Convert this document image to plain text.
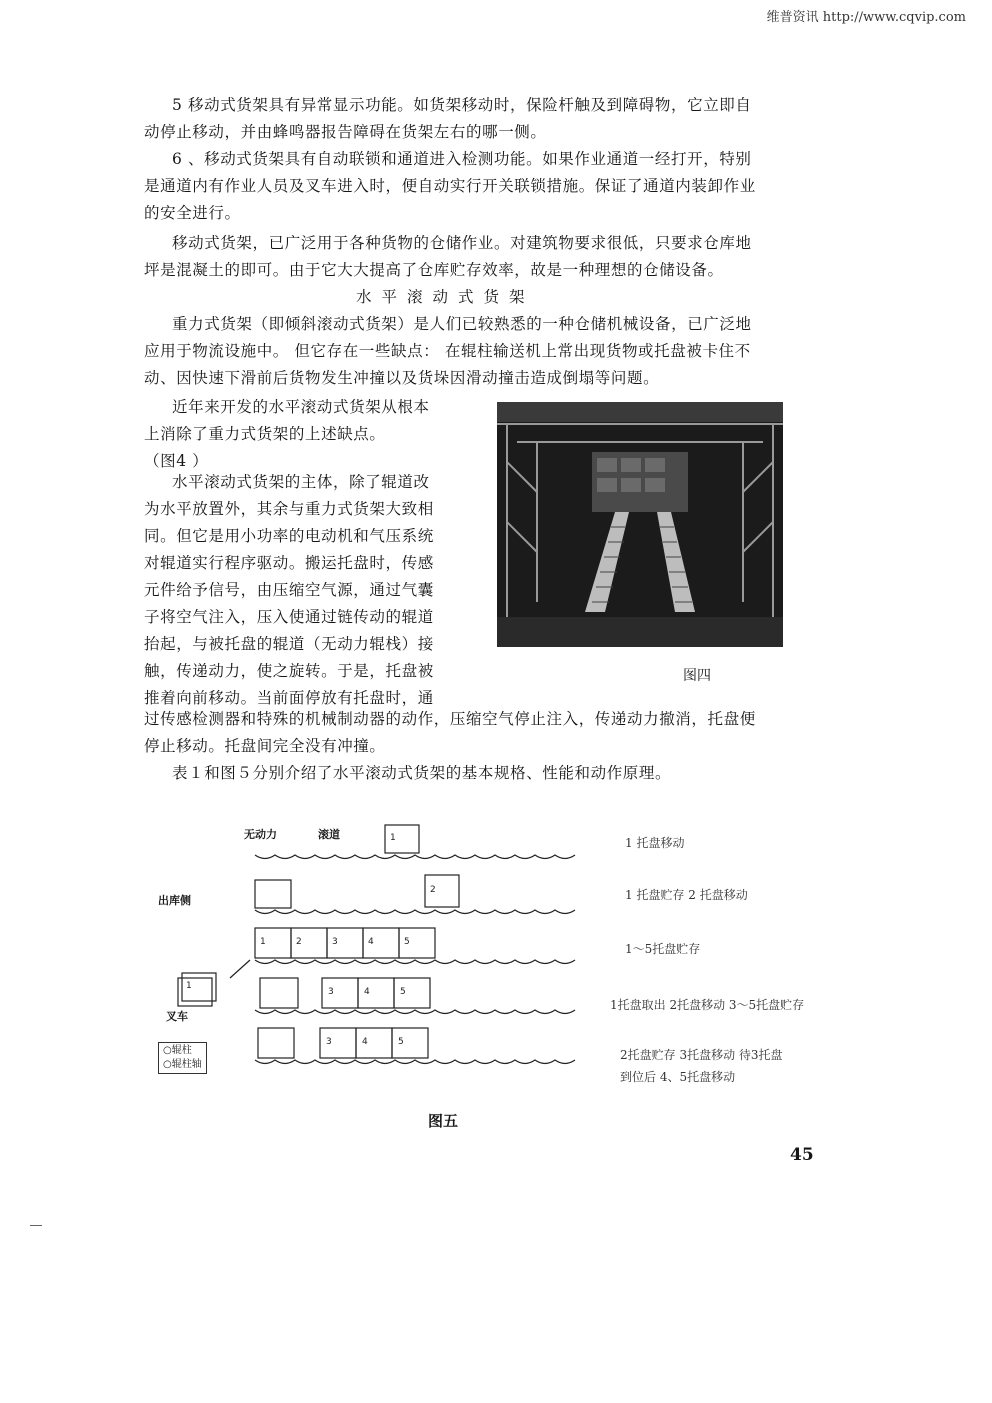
维普资讯 http://www.cqvip.com
5 移动式货架具有异常显示功能。如货架移动时，保险杆触及到障碍物，它立即自
动停止移动，并由蜂鸣器报告障碍在货架左右的哪一侧。
6 、移动式货架具有自动联锁和通道进入检测功能。如果作业通道一经打开，特别
是通道内有作业人员及叉车进入时，便自动实行开关联锁措施。保证了通道内装卸作业
的安全进行。
移动式货架，已广泛用于各种货物的仓储作业。对建筑物要求很低，只要求仓库地
坪是混凝土的即可。由于它大大提高了仓库贮存效率，故是一种理想的仓储设备。
水平滚动式货架
重力式货架（即倾斜滚动式货架）是人们已较熟悉的一种仓储机械设备，已广泛地
应用于物流设施中。 但它存在一些缺点： 在辊柱输送机上常出现货物或托盘被卡住不
动、因快速下滑前后货物发生冲撞以及货垛因滑动撞击造成倒塌等问题。
近年来开发的水平滚动式货架从根本
上消除了重力式货架的上述缺点。
（图4 ）
水平滚动式货架的主体，除了辊道改
为水平放置外，其余与重力式货架大致相
同。但它是用小功率的电动机和气压系统
对辊道实行程序驱动。搬运托盘时，传感
元件给予信号，由压缩空气源，通过气囊
子将空气注入，压入使通过链传动的辊道
抬起，与被托盘的辊道（无动力辊栈）接
触，传递动力，使之旋转。于是，托盘被
推着向前移动。当前面停放有托盘时，通
过传感检测器和特殊的机械制动器的动作，压缩空气停止注入，传递动力撤消，托盘便
停止移动。托盘间完全没有冲撞。
表１和图５分别介绍了水平滚动式货架的基本规格、性能和动作原理。
图四
1
2
1	2	3	4	5
3	4	5
3	4	5
1
无动力	滚道
出库侧
叉车
○辊柱
○辊柱轴
1 托盘移动
1 托盘贮存 2 托盘移动
1～5托盘贮存
1托盘取出 2托盘移动 3～5托盘贮存
2托盘贮存 3托盘移动 待3托盘
到位后 4、5托盘移动
图五
45
